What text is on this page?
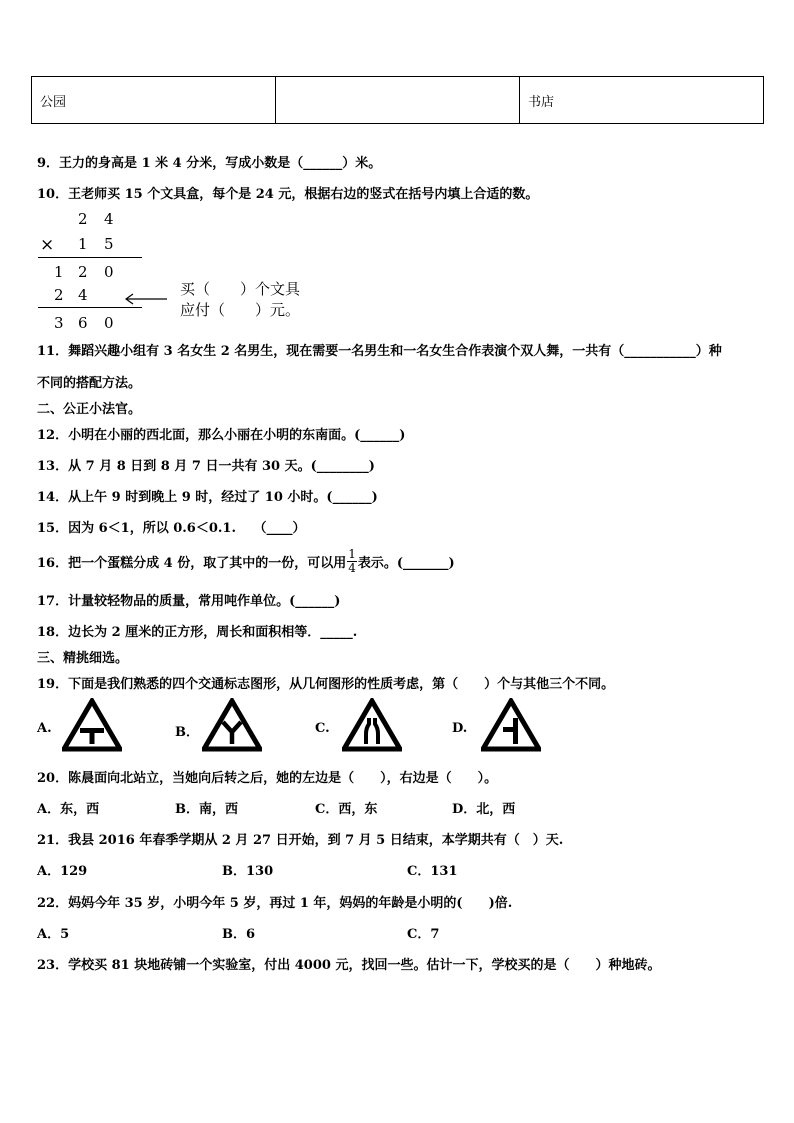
公园		书店
9．王力的身高是 1 米 4 分米，写成小数是（______）米。
10．王老师买 15 个文具盒，每个是 24 元，根据右边的竖式在括号内填上合适的数。
2 4
× 1 5
1 2 0
2 4
3 6 0
买（　　）个文具
应付（　　）元。
11．舞蹈兴趣小组有 3 名女生 2 名男生，现在需要一名男生和一名女生合作表演个双人舞，一共有（___________）种
不同的搭配方法。
二、公正小法官。
12．小明在小丽的西北面，那么小丽在小明的东南面。(______)
13．从 7 月 8 日到 8 月 7 日一共有 30 天。(________)
14．从上午 9 时到晚上 9 时，经过了 10 小时。(______)
15．因为 6＜1，所以 0.6＜0.1.　 （____）
16．把一个蛋糕分成 4 份，取了其中的一份，可以用 $\frac{1}{4}$ 表示。(_______)
17．计量较轻物品的质量，常用吨作单位。(______)
18．边长为 2 厘米的正方形，周长和面积相等．_____.
三、精挑细选。
19．下面是我们熟悉的四个交通标志图形，从几何图形的性质考虑，第（　　）个与其他三个不同。
A.	B．	C.	D.
20．陈晨面向北站立，当她向后转之后，她的左边是（　　），右边是（　　）。
A．东，西	B．南，西	C．西，东	D．北，西
21．我县 2016 年春季学期从 2 月 27 日开始，到 7 月 5 日结束，本学期共有（　）天.
A．129	B．130	C．131
22．妈妈今年 35 岁，小明今年 5 岁，再过 1 年，妈妈的年龄是小明的(　　)倍.
A．5	B．6	C．7
23．学校买 81 块地砖铺一个实验室，付出 4000 元，找回一些。估计一下，学校买的是（　　）种地砖。
